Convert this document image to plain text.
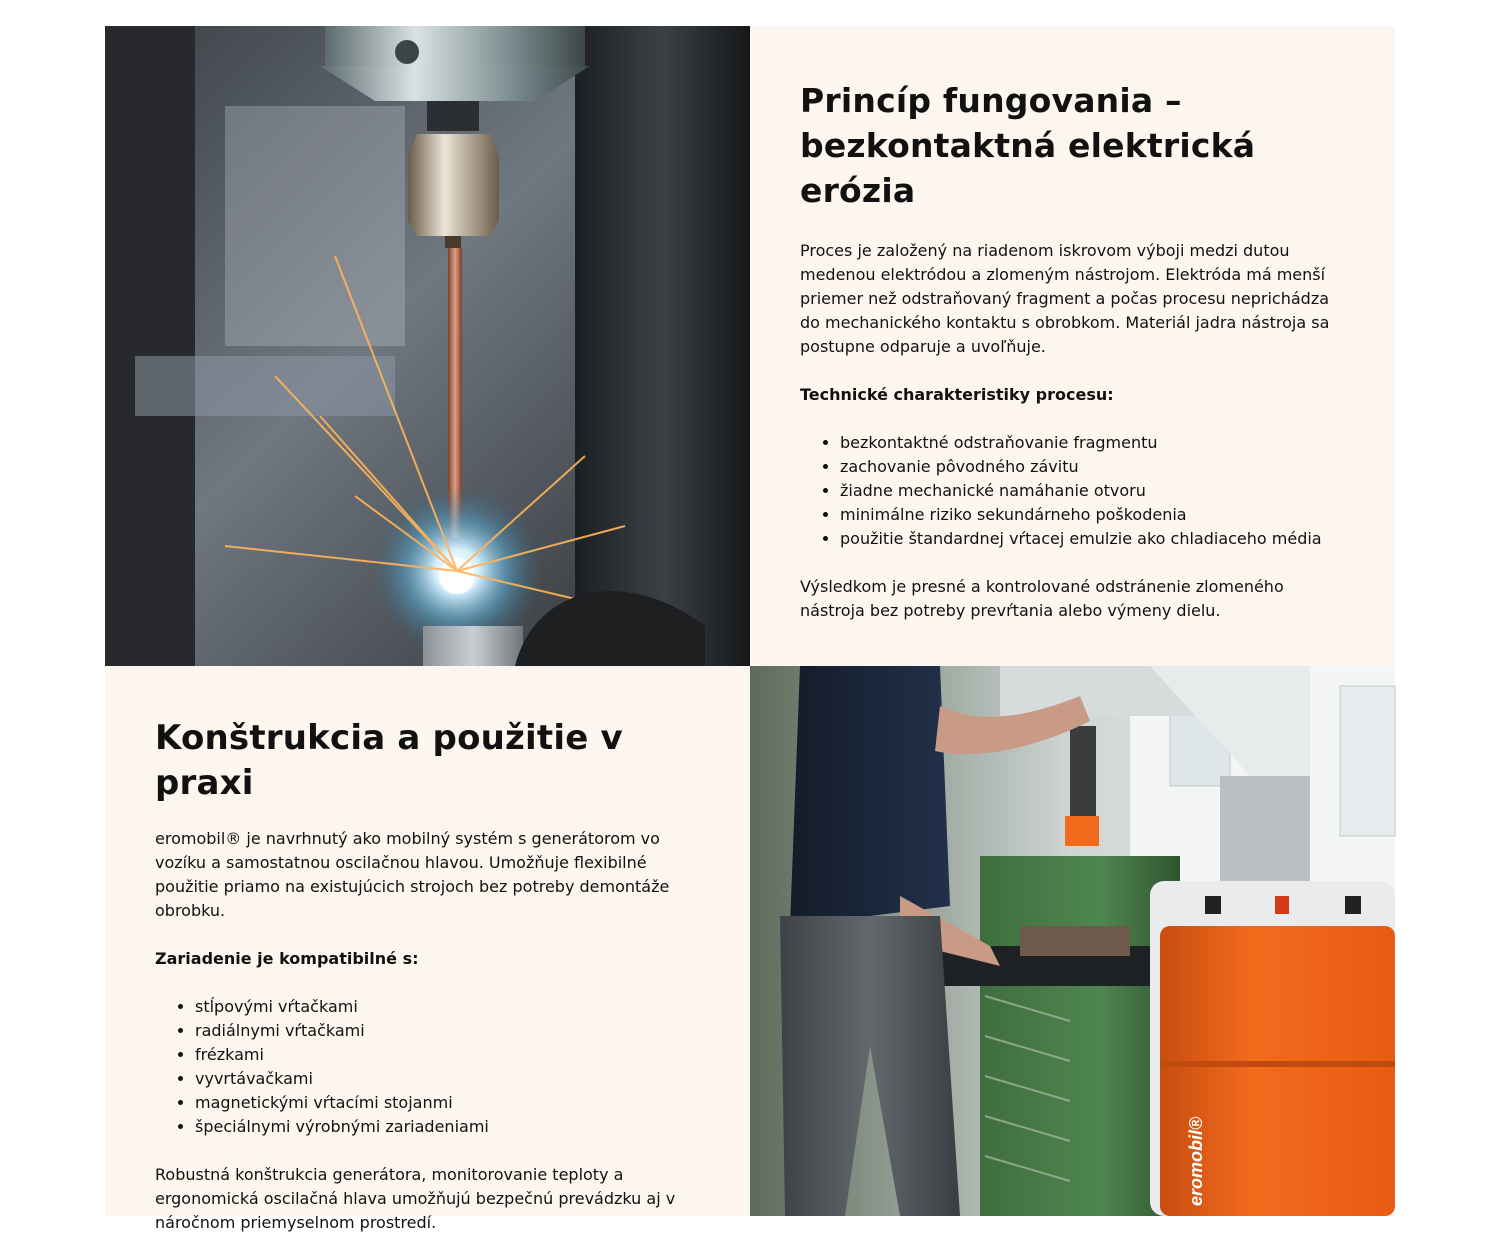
Princíp fungovania –
bezkontaktná elektrická
erózia

Proces je založený na riadenom iskrovom výboji medzi dutou medenou elektródou a zlomeným nástrojom. Elektróda má menší priemer než odstraňovaný fragment a počas procesu neprichádza do mechanického kontaktu s obrobkom. Materiál jadra nástroja sa postupne odparuje a uvoľňuje.

Technické charakteristiky procesu:

• bezkontaktné odstraňovanie fragmentu
• zachovanie pôvodného závitu
• žiadne mechanické namáhanie otvoru
• minimálne riziko sekundárneho poškodenia
• použitie štandardnej vŕtacej emulzie ako chladiaceho média

Výsledkom je presné a kontrolované odstránenie zlomeného nástroja bez potreby prevŕtania alebo výmeny dielu.

Konštrukcia a použitie v praxi

eromobil® je navrhnutý ako mobilný systém s generátorom vo vozíku a samostatnou oscilačnou hlavou. Umožňuje flexibilné použitie priamo na existujúcich strojoch bez potreby demontáže obrobku.

Zariadenie je kompatibilné s:

• stĺpovými vŕtačkami
• radiálnymi vŕtačkami
• frézkami
• vyvrtávačkami
• magnetickými vŕtacími stojanmi
• špeciálnymi výrobnými zariadeniami

Robustná konštrukcia generátora, monitorovanie teploty a ergonomická oscilačná hlava umožňujú bezpečnú prevádzku aj v náročnom priemyselnom prostredí.

eromobil®
